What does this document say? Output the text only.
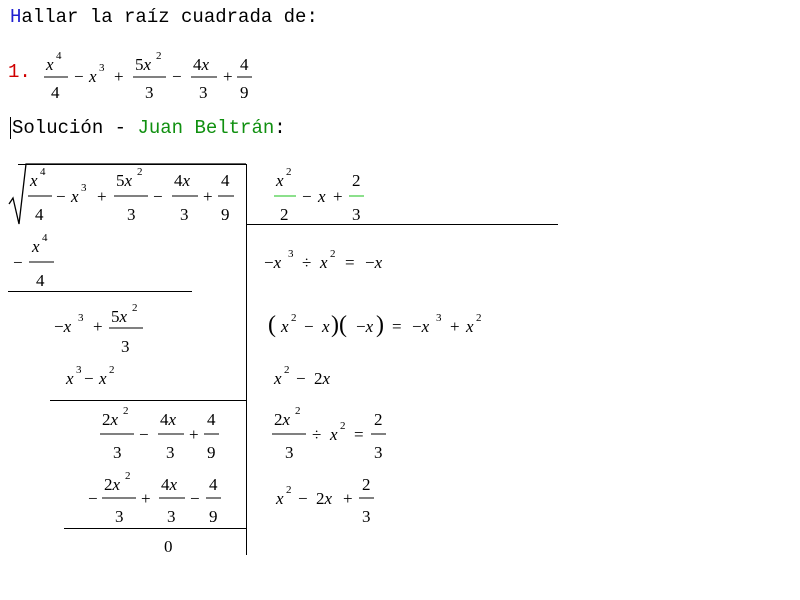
Hallar la raíz cuadrada de:
1.
Solución - Juan Beltrán:
x 4
4
− x 3 +
5x 2
3
−
4x
3
+
4
9
x 4
4
− x 3 +
5x 2
3
−
4x
3
+
4
9
x 2
2
− x +
2
3
−
x 4
4
−x 3 +
5x 2
3
x 3 − x 2
2x 2
3
−
4x
3
+
4
9
−
2x 2
3
+
4x
3
−
4
9
0
−x 3 ÷ x 2 = −x
( x 2 − x )( −x ) = −x 3 + x 2
x 2 − 2x
2x 2
3
÷ x 2 =
2
3
x 2 − 2x +
2
3
